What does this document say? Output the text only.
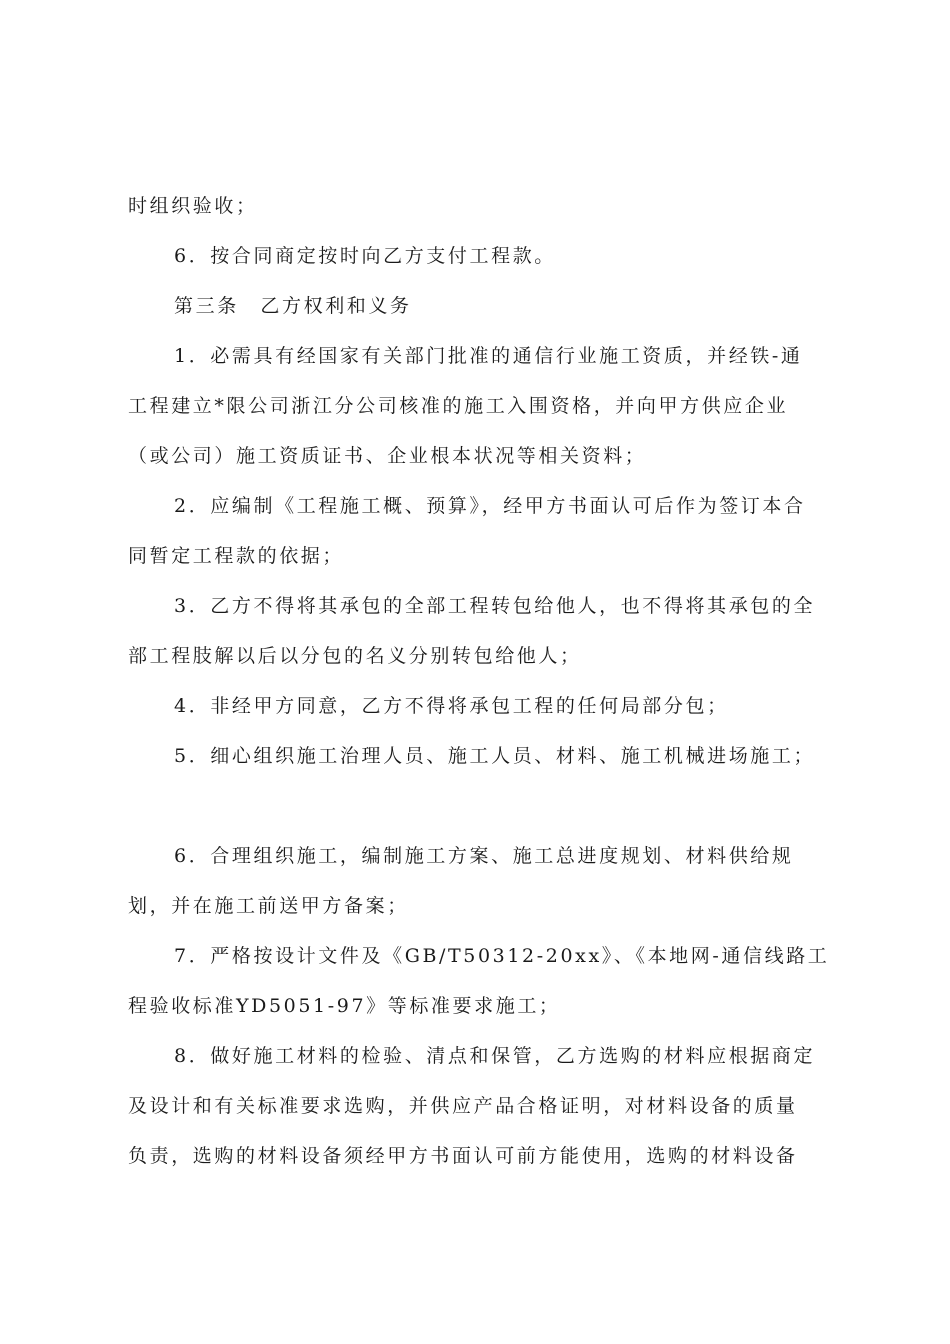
时组织验收；
6．按合同商定按时向乙方支付工程款。
第三条　乙方权利和义务
1．必需具有经国家有关部门批准的通信行业施工资质，并经铁-通
工程建立*限公司浙江分公司核准的施工入围资格，并向甲方供应企业
（或公司）施工资质证书、企业根本状况等相关资料；
2．应编制《工程施工概、预算》，经甲方书面认可后作为签订本合
同暂定工程款的依据；
3．乙方不得将其承包的全部工程转包给他人，也不得将其承包的全
部工程肢解以后以分包的名义分别转包给他人；
4．非经甲方同意，乙方不得将承包工程的任何局部分包；
5．细心组织施工治理人员、施工人员、材料、施工机械进场施工；
6．合理组织施工，编制施工方案、施工总进度规划、材料供给规
划，并在施工前送甲方备案；
7．严格按设计文件及《GB/T50312-20xx》、《本地网-通信线路工
程验收标准YD5051-97》等标准要求施工；
8．做好施工材料的检验、清点和保管，乙方选购的材料应根据商定
及设计和有关标准要求选购，并供应产品合格证明，对材料设备的质量
负责，选购的材料设备须经甲方书面认可前方能使用，选购的材料设备
